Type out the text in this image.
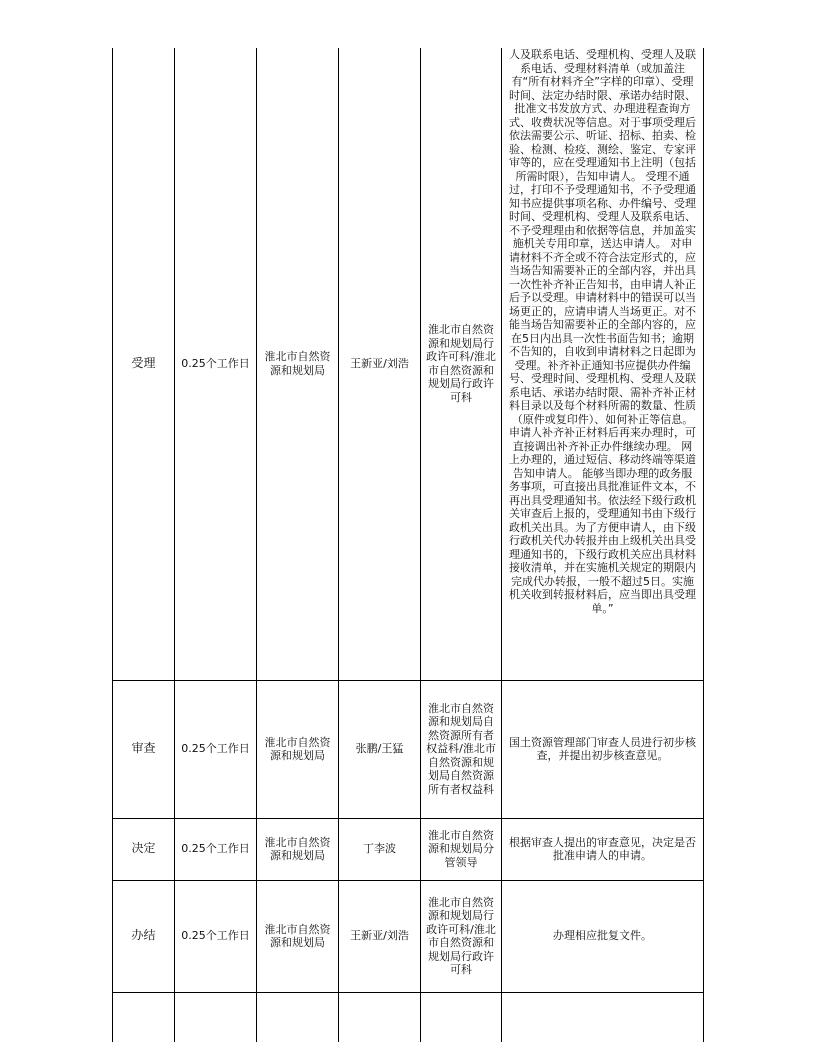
受理	0.25个工作日	淮北市自然资源和规划局	王新亚/刘浩	淮北市自然资源和规划局行政许可科/淮北市自然资源和规划局行政许可科	人及联系电话、受理机构、受理人及联系电话、受理材料清单（或加盖注有“所有材料齐全”字样的印章）、受理时间、法定办结时限、承诺办结时限、批准文书发放方式、办理进程查询方式、收费状况等信息。对于事项受理后依法需要公示、听证、招标、拍卖、检验、检测、检疫、测绘、鉴定、专家评审等的，应在受理通知书上注明（包括所需时限），告知申请人。 受理不通过，打印不予受理通知书，不予受理通知书应提供事项名称、办件编号、受理时间、受理机构、受理人及联系电话、不予受理理由和依据等信息，并加盖实施机关专用印章，送达申请人。 对申请材料不齐全或不符合法定形式的，应当场告知需要补正的全部内容，并出具一次性补齐补正告知书，由申请人补正后予以受理。申请材料中的错误可以当场更正的，应请申请人当场更正。对不能当场告知需要补正的全部内容的，应在5日内出具一次性书面告知书；逾期不告知的，自收到申请材料之日起即为受理。补齐补正通知书应提供办件编号、受理时间、受理机构、受理人及联系电话、承诺办结时限、需补齐补正材料目录以及每个材料所需的数量、性质（原件或复印件）、如何补正等信息。申请人补齐补正材料后再来办理时，可直接调出补齐补正办件继续办理。 网上办理的，通过短信、移动终端等渠道告知申请人。 能够当即办理的政务服务事项，可直接出具批准证件文本，不再出具受理通知书。依法经下级行政机关审查后上报的，受理通知书由下级行政机关出具。为了方便申请人，由下级行政机关代办转报并由上级机关出具受理通知书的，下级行政机关应出具材料接收清单，并在实施机关规定的期限内完成代办转报，一般不超过5日。实施机关收到转报材料后，应当即出具受理单。”
审查	0.25个工作日	淮北市自然资源和规划局	张鹏/王猛	淮北市自然资源和规划局自然资源所有者权益科/淮北市自然资源和规划局自然资源所有者权益科	国土资源管理部门审查人员进行初步核查，并提出初步核查意见。
决定	0.25个工作日	淮北市自然资源和规划局	丁李波	淮北市自然资源和规划局分管领导	根据审查人提出的审查意见，决定是否批准申请人的申请。
办结	0.25个工作日	淮北市自然资源和规划局	王新亚/刘浩	淮北市自然资源和规划局行政许可科/淮北市自然资源和规划局行政许可科	办理相应批复文件。
